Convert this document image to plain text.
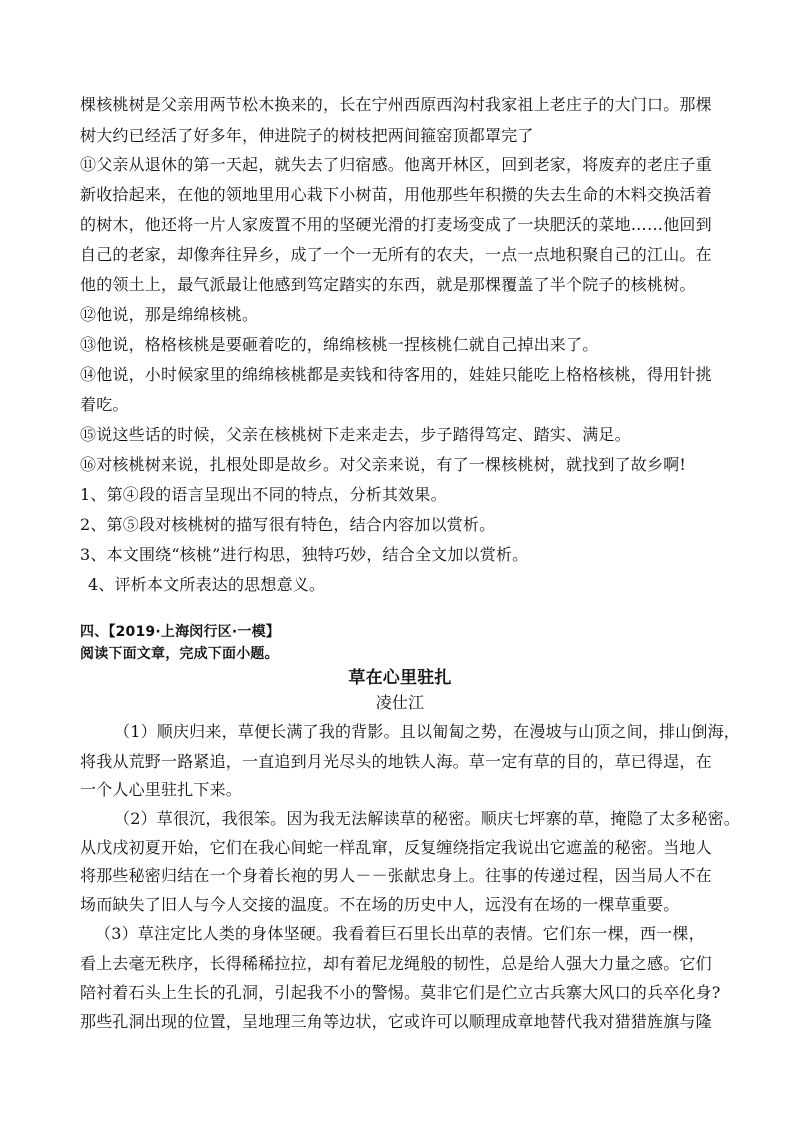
棵核桃树是父亲用两节松木换来的，长在宁州西原西沟村我家祖上老庄子的大门口。那棵
树大约已经活了好多年，伸进院子的树枝把两间箍窑顶都罩完了
⑪父亲从退休的第一天起，就失去了归宿感。他离开林区，回到老家，将废弃的老庄子重
新收拾起来，在他的领地里用心栽下小树苗，用他那些年积攒的失去生命的木料交换活着
的树木，他还将一片人家废置不用的坚硬光滑的打麦场变成了一块肥沃的菜地……他回到
自己的老家，却像奔往异乡，成了一个一无所有的农夫，一点一点地积聚自己的江山。在
他的领土上，最气派最让他感到笃定踏实的东西，就是那棵覆盖了半个院子的核桃树。
⑫他说，那是绵绵核桃。
⑬他说，格格核桃是要砸着吃的，绵绵核桃一捏核桃仁就自己掉出来了。
⑭他说，小时候家里的绵绵核桃都是卖钱和待客用的，娃娃只能吃上格格核桃，得用针挑
着吃。
⑮说这些话的时候，父亲在核桃树下走来走去，步子踏得笃定、踏实、满足。
⑯对核桃树来说，扎根处即是故乡。对父亲来说，有了一棵核桃树，就找到了故乡啊!
1、第④段的语言呈现出不同的特点，分析其效果。
2、第⑤段对核桃树的描写很有特色，结合内容加以赏析。
3、本文围绕“核桃”进行构思，独特巧妙，结合全文加以赏析。
4、评析本文所表达的思想意义。
四、【2019·上海闵行区·一模】
阅读下面文章，完成下面小题。
草在心里驻扎
凌仕江
（1）顺庆归来，草便长满了我的背影。且以匍匐之势，在漫坡与山顶之间，排山倒海，
将我从荒野一路紧追，一直追到月光尽头的地铁人海。草一定有草的目的，草已得逞，在
一个人心里驻扎下来。
（2）草很沉，我很笨。因为我无法解读草的秘密。顺庆七坪寨的草，掩隐了太多秘密。
从戊戌初夏开始，它们在我心间蛇一样乱窜，反复缠绕指定我说出它遮盖的秘密。当地人
将那些秘密归结在一个身着长袍的男人－－张献忠身上。往事的传递过程，因当局人不在
场而缺失了旧人与今人交接的温度。不在场的历史中人，远没有在场的一棵草重要。
（3）草注定比人类的身体坚硬。我看着巨石里长出草的表情。它们东一棵，西一棵，
看上去毫无秩序，长得稀稀拉拉，却有着尼龙绳般的韧性，总是给人强大力量之感。它们
陪衬着石头上生长的孔洞，引起我不小的警惕。莫非它们是伫立古兵寨大风口的兵卒化身?
那些孔洞出现的位置，呈地理三角等边状，它或许可以顺理成章地替代我对猎猎旌旗与隆
